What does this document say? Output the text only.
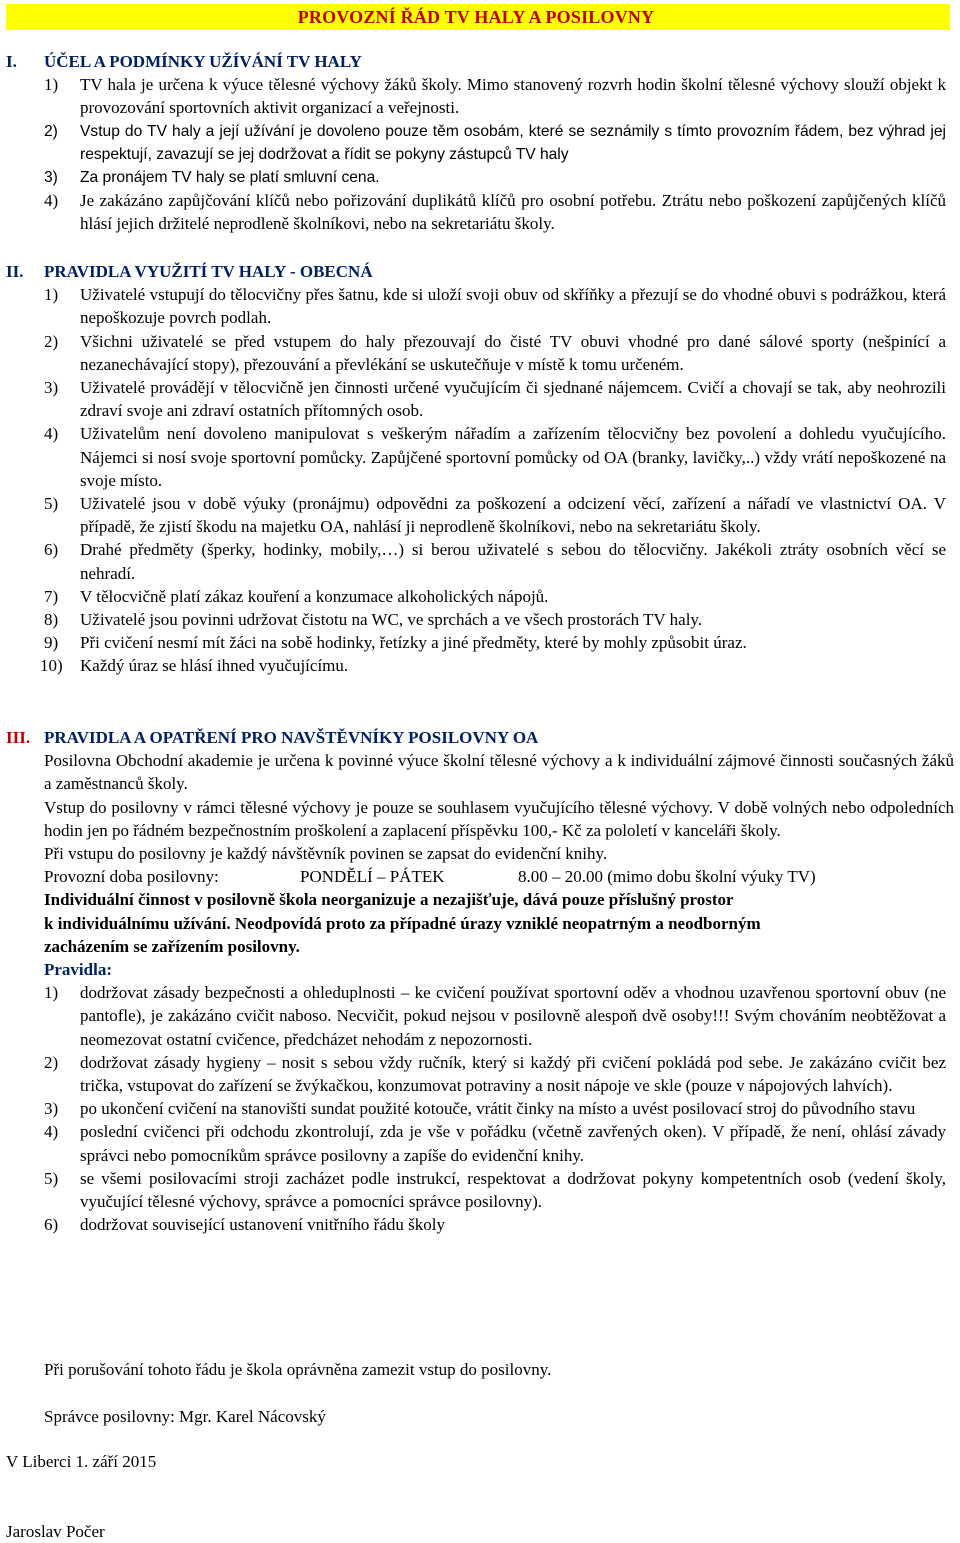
PROVOZNÍ ŘÁD TV HALY A POSILOVNY
I.	ÚČEL A PODMÍNKY UŽÍVÁNÍ TV HALY
1)	TV hala je určena k výuce tělesné výchovy žáků školy. Mimo stanovený rozvrh hodin školní tělesné výchovy slouží objekt k provozování sportovních aktivit organizací a veřejnosti.
2)	Vstup do TV haly a její užívání je dovoleno pouze těm osobám, které se seznámily s tímto provozním řádem, bez výhrad jej respektují, zavazují se jej dodržovat a řídit se pokyny zástupců TV haly
3)	Za pronájem TV haly se platí smluvní cena.
4)	Je zakázáno zapůjčování klíčů nebo pořizování duplikátů klíčů pro osobní potřebu. Ztrátu nebo poškození zapůjčených klíčů hlásí jejich držitelé neprodleně školníkovi, nebo na sekretariátu školy.
II.	PRAVIDLA VYUŽITÍ TV HALY - OBECNÁ
1)	Uživatelé vstupují do tělocvičny přes šatnu, kde si uloží svoji obuv od skříňky a přezují se do vhodné obuvi s podrážkou, která nepoškozuje povrch podlah.
2)	Všichni uživatelé se před vstupem do haly přezouvají do čisté TV obuvi vhodné pro dané sálové sporty (nešpinící a nezanechávající stopy), přezouvání a převlékání se uskutečňuje v místě k tomu určeném.
3)	Uživatelé provádějí v tělocvičně jen činnosti určené vyučujícím či sjednané nájemcem. Cvičí a chovají se tak, aby neohrozili zdraví svoje ani zdraví ostatních přítomných osob.
4)	Uživatelům není dovoleno manipulovat s veškerým nářadím a zařízením tělocvičny bez povolení a dohledu vyučujícího. Nájemci si nosí svoje sportovní pomůcky. Zapůjčené sportovní pomůcky od OA (branky, lavičky,..) vždy vrátí nepoškozené na svoje místo.
5)	Uživatelé jsou v době výuky (pronájmu) odpovědni za poškození a odcizení věcí, zařízení a nářadí ve vlastnictví OA. V případě, že zjistí škodu na majetku OA, nahlásí ji neprodleně školníkovi, nebo na sekretariátu školy.
6)	Drahé předměty (šperky, hodinky, mobily,…) si berou uživatelé s sebou do tělocvičny. Jakékoli ztráty osobních věcí se nehradí.
7)	V tělocvičně platí zákaz kouření a konzumace alkoholických nápojů.
8)	Uživatelé jsou povinni udržovat čistotu na WC, ve sprchách a ve všech prostorách TV haly.
9)	Při cvičení nesmí mít žáci na sobě hodinky, řetízky a jiné předměty, které by mohly způsobit úraz.
10)	Každý úraz se hlásí ihned vyučujícímu.
III. PRAVIDLA A OPATŘENÍ PRO NAVŠTĚVNÍKY POSILOVNY OA
Posilovna Obchodní akademie je určena k povinné výuce školní tělesné výchovy a k individuální zájmové činnosti současných žáků a zaměstnanců školy.
Vstup do posilovny v rámci tělesné výchovy je pouze se souhlasem vyučujícího tělesné výchovy. V době volných nebo odpoledních hodin jen po řádném bezpečnostním proškolení a zaplacení příspěvku 100,- Kč za pololetí v kanceláři školy.
Při vstupu do posilovny je každý návštěvník povinen se zapsat do evidenční knihy.
Provozní doba posilovny:	PONDĚLÍ – PÁTEK	8.00 – 20.00 (mimo dobu školní výuky TV)
Individuální činnost v posilovně škola neorganizuje a nezajišťuje, dává pouze příslušný prostor
k individuálnímu užívání. Neodpovídá proto za případné úrazy vzniklé neopatrným a neodborným
zacházením se zařízením posilovny.
Pravidla:
1)	dodržovat zásady bezpečnosti a ohleduplnosti – ke cvičení používat sportovní oděv a vhodnou uzavřenou sportovní obuv (ne pantofle), je zakázáno cvičit naboso. Necvičit, pokud nejsou v posilovně alespoň dvě osoby!!! Svým chováním neobtěžovat a neomezovat ostatní cvičence, předcházet nehodám z nepozornosti.
2)	dodržovat zásady hygieny – nosit s sebou vždy ručník, který si každý při cvičení pokládá pod sebe. Je zakázáno cvičit bez trička, vstupovat do zařízení se žvýkačkou, konzumovat potraviny a nosit nápoje ve skle (pouze v nápojových lahvích).
3)	po ukončení cvičení na stanovišti sundat použité kotouče, vrátit činky na místo a uvést posilovací stroj do původního stavu
4)	poslední cvičenci při odchodu zkontrolují, zda je vše v pořádku (včetně zavřených oken). V případě, že není, ohlásí závady správci nebo pomocníkům správce posilovny a zapíše do evidenční knihy.
5)	se všemi posilovacími stroji zacházet podle instrukcí, respektovat a dodržovat pokyny kompetentních osob (vedení školy, vyučující tělesné výchovy, správce a pomocníci správce posilovny).
6)	dodržovat související ustanovení vnitřního řádu školy
Při porušování tohoto řádu je škola oprávněna zamezit vstup do posilovny.
Správce posilovny: Mgr. Karel Nácovský
V Liberci 1. září 2015
Jaroslav Počer
